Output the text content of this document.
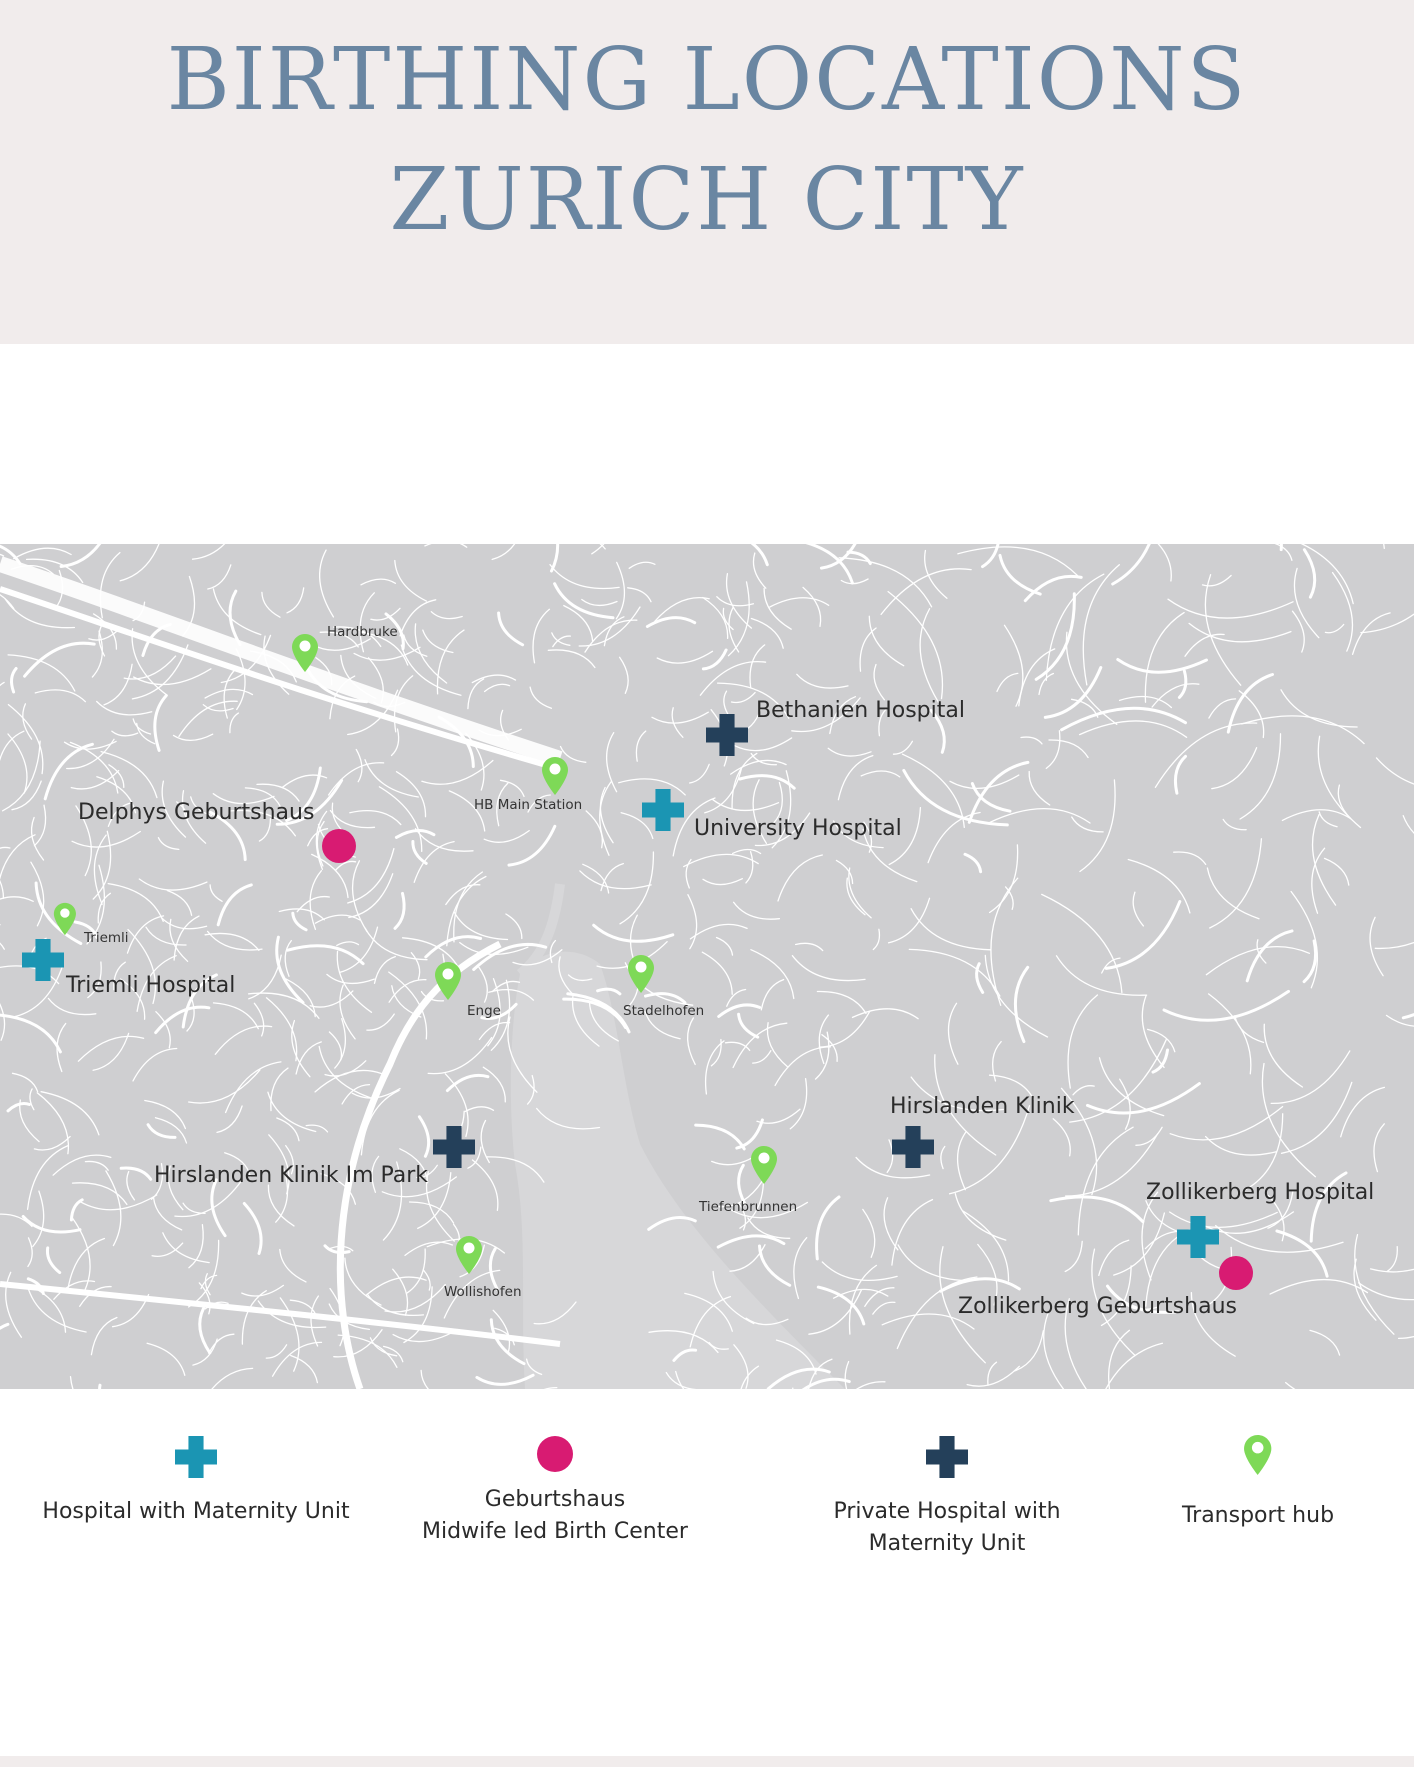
BIRTHING LOCATIONS
ZURICH CITY
Bethanien Hospital
University Hospital
Delphys Geburtshaus
Triemli Hospital
Hirslanden Klinik Im Park
Hirslanden Klinik
Zollikerberg Hospital
Zollikerberg Geburtshaus
Hardbruke
HB Main Station
Triemli
Enge	Stadelhofen
Tiefenbrunnen
Wollishofen
Hospital with Maternity Unit	Geburtshaus
Midwife led Birth Center
Private Hospital with
Maternity Unit
Transport hub
